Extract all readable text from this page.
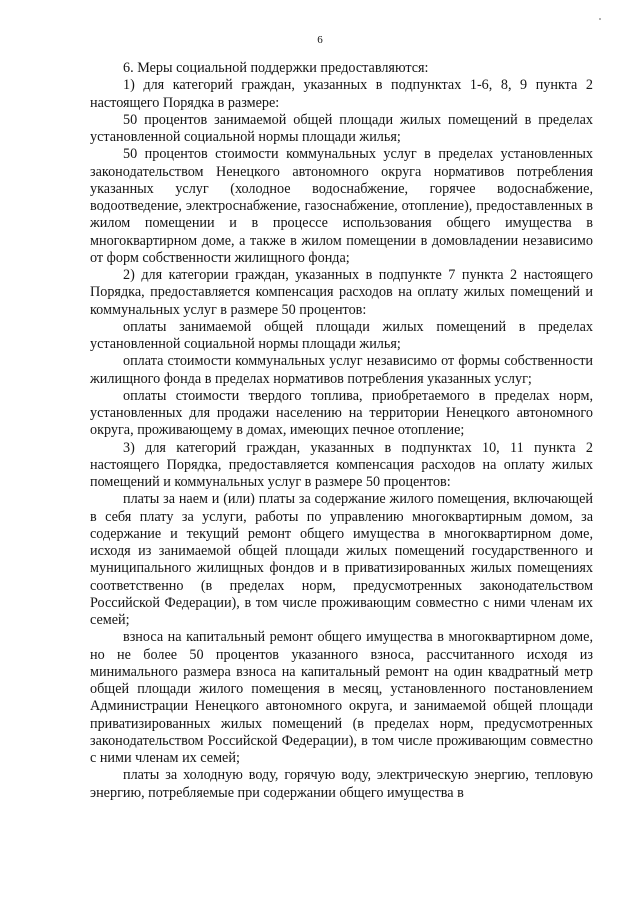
6

6. Меры социальной поддержки предоставляются:

1) для категорий граждан, указанных в подпунктах 1-6, 8, 9 пункта 2 настоящего Порядка в размере:

50 процентов занимаемой общей площади жилых помещений в пределах установленной социальной нормы площади жилья;

50 процентов стоимости коммунальных услуг в пределах установленных законодательством Ненецкого автономного округа нормативов потребления указанных услуг (холодное водоснабжение, горячее водоснабжение, водоотведение, электроснабжение, газоснабжение, отопление), предоставленных в жилом помещении и в процессе использования общего имущества в многоквартирном доме, а также в жилом помещении в домовладении независимо от форм собственности жилищного фонда;

2) для категории граждан, указанных в подпункте 7 пункта 2 настоящего Порядка, предоставляется компенсация расходов на оплату жилых помещений и коммунальных услуг в размере 50 процентов:

оплаты занимаемой общей площади жилых помещений в пределах установленной социальной нормы площади жилья;

оплата стоимости коммунальных услуг независимо от формы собственности жилищного фонда в пределах нормативов потребления указанных услуг;

оплаты стоимости твердого топлива, приобретаемого в пределах норм, установленных для продажи населению на территории Ненецкого автономного округа, проживающему в домах, имеющих печное отопление;

3) для категорий граждан, указанных в подпунктах 10, 11 пункта 2 настоящего Порядка, предоставляется компенсация расходов на оплату жилых помещений и коммунальных услуг в размере 50 процентов:

платы за наем и (или) платы за содержание жилого помещения, включающей в себя плату за услуги, работы по управлению многоквартирным домом, за содержание и текущий ремонт общего имущества в многоквартирном доме, исходя из занимаемой общей площади жилых помещений государственного и муниципального жилищных фондов и в приватизированных жилых помещениях соответственно (в пределах норм, предусмотренных законодательством Российской Федерации), в том числе проживающим совместно с ними членам их семей;

взноса на капитальный ремонт общего имущества в многоквартирном доме, но не более 50 процентов указанного взноса, рассчитанного исходя из минимального размера взноса на капитальный ремонт на один квадратный метр общей площади жилого помещения в месяц, установленного постановлением Администрации Ненецкого автономного округа, и занимаемой общей площади приватизированных жилых помещений (в пределах норм, предусмотренных законодательством Российской Федерации), в том числе проживающим совместно с ними членам их семей;

платы за холодную воду, горячую воду, электрическую энергию, тепловую энергию, потребляемые при содержании общего имущества в
